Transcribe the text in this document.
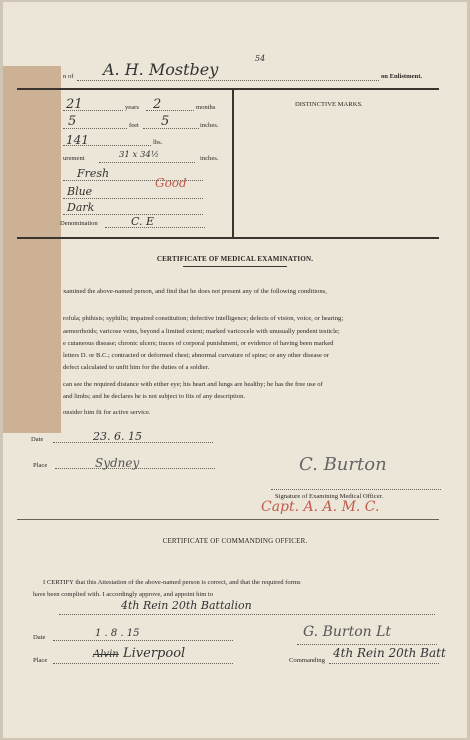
n of A. H. Mostbey
54
on Enlistment.
DISTINCTIVE MARKS.
21	years 2	months
5	feet 5	inches.
141	lbs.
urement	31 x 34½	inches.
Fresh
Good
Blue
Dark
Denomination	C. E
CERTIFICATE OF MEDICAL EXAMINATION.
xamined the above-named person, and find that he does not present any of the following conditions,
rofula; phthisis; syphilis; impaired constitution; defective intelligence; defects of vision, voice, or hearing;
aemorrhoids; varicose veins, beyond a limited extent; marked varicocele with unusually pendent testicle;
e cutaneous disease; chronic ulcers; traces of corporal punishment, or evidence of having been marked
letters D. or B.C.; contracted or deformed chest; abnormal curvature of spine; or any other disease or
defect calculated to unfit him for the duties of a soldier.
can see the required distance with either eye; his heart and lungs are healthy; he has the free use of
and limbs; and he declares he is not subject to fits of any description.
onsider him fit for active service.
Date	23. 6. 15
Place	Sydney	C. Burton
Signature of Examining Medical Officer.
Capt. A. A. M. C.
CERTIFICATE OF COMMANDING OFFICER.
I CERTIFY that this Attestation of the above-named person is correct, and that the required forms
have been complied with. I accordingly approve, and appoint him to
4th Rein 20th Battalion
Date	1 . 8 . 15
Place
Alvin Liverpool
G. Burton Lt
Commanding
4th Rein 20th Batt
